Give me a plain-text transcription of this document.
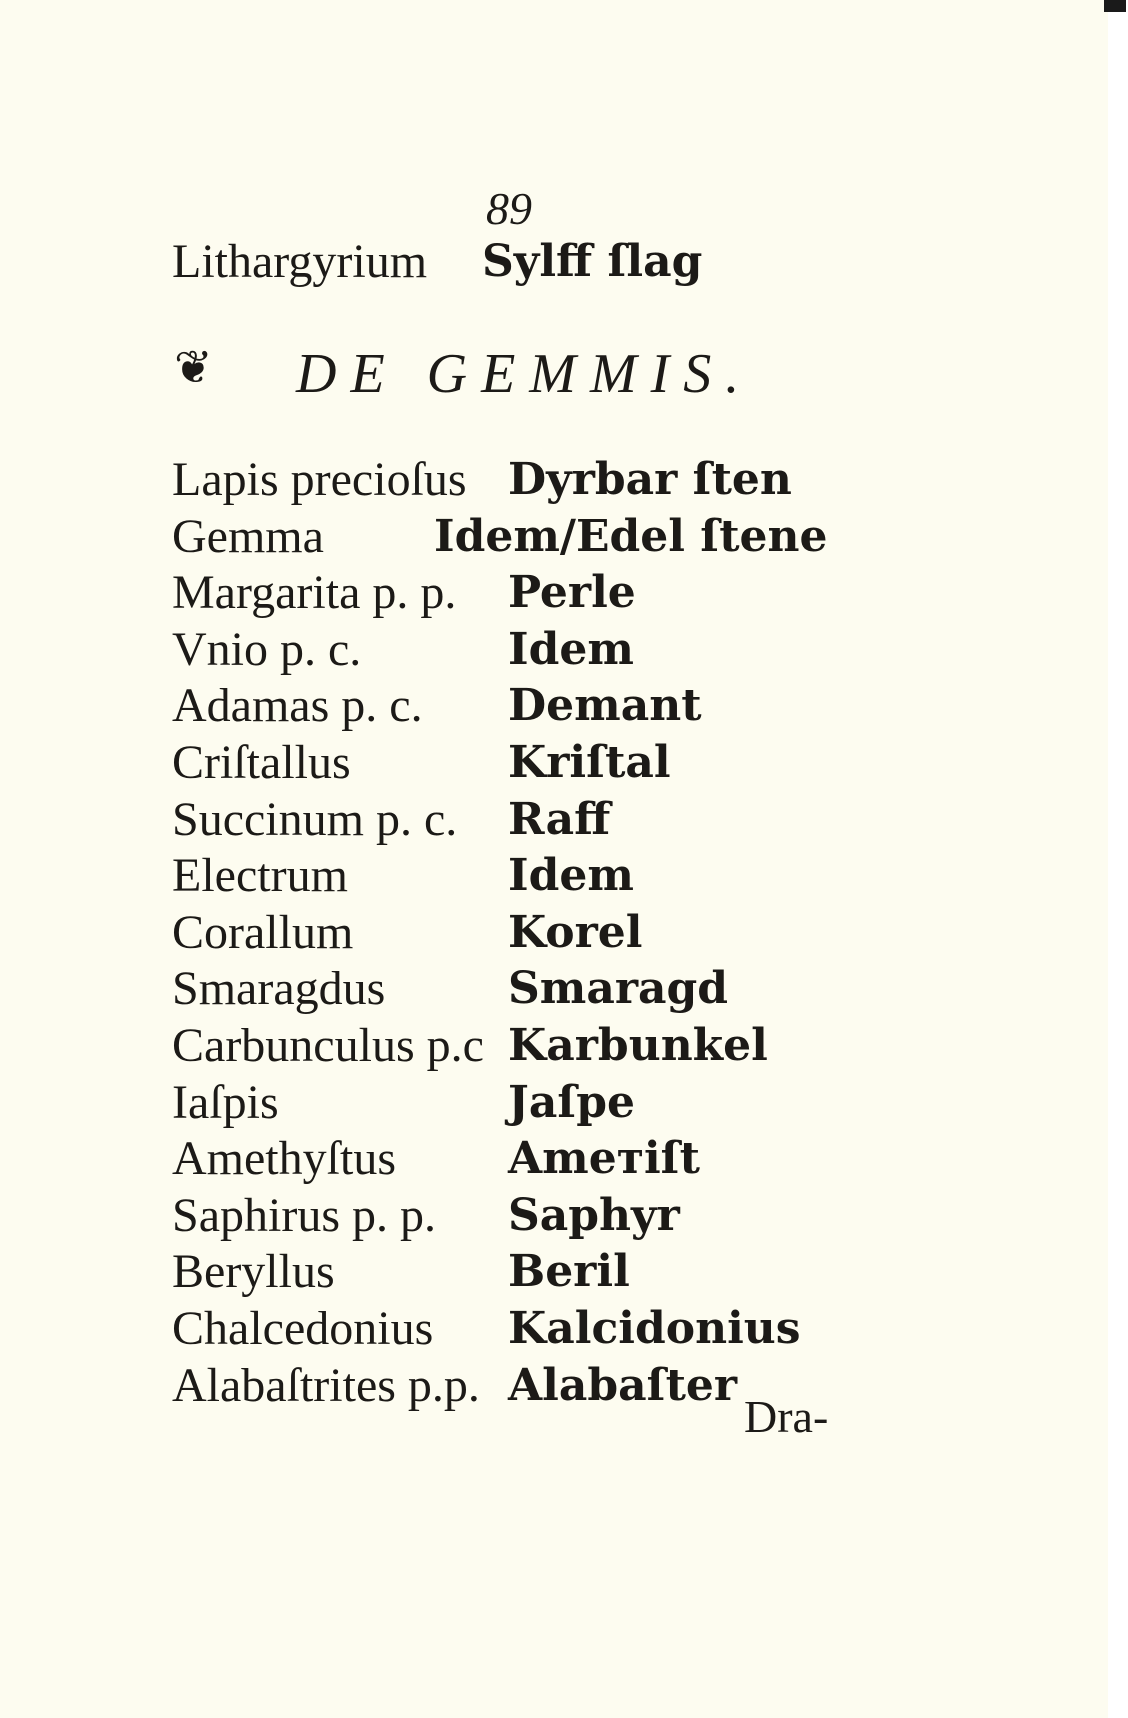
89
Lithargyrium Sylff ſlag
❦ DE GEMMIS.
Lapis precioſus Dyrbar ſten
Gemma	Idem/Edel ſtene
Margarita p. p. Perle
Vnio p. c.	Idem
Adamas p. c. Demant
Criſtallus	Kriſtal
Succinum p. c. Raff
Electrum	Idem
Corallum	Korel
Smaragdus	Smaragd
Carbunculus p.c Karbunkel
Iaſpis	Jaſpe
Amethyſtus	Ameтiſt
Saphirus p. p. Saphyr
Beryllus	Beril
Chalcedonius Kalcidonius
Alabaſtrites p.p. Alabaſter
Dra-
